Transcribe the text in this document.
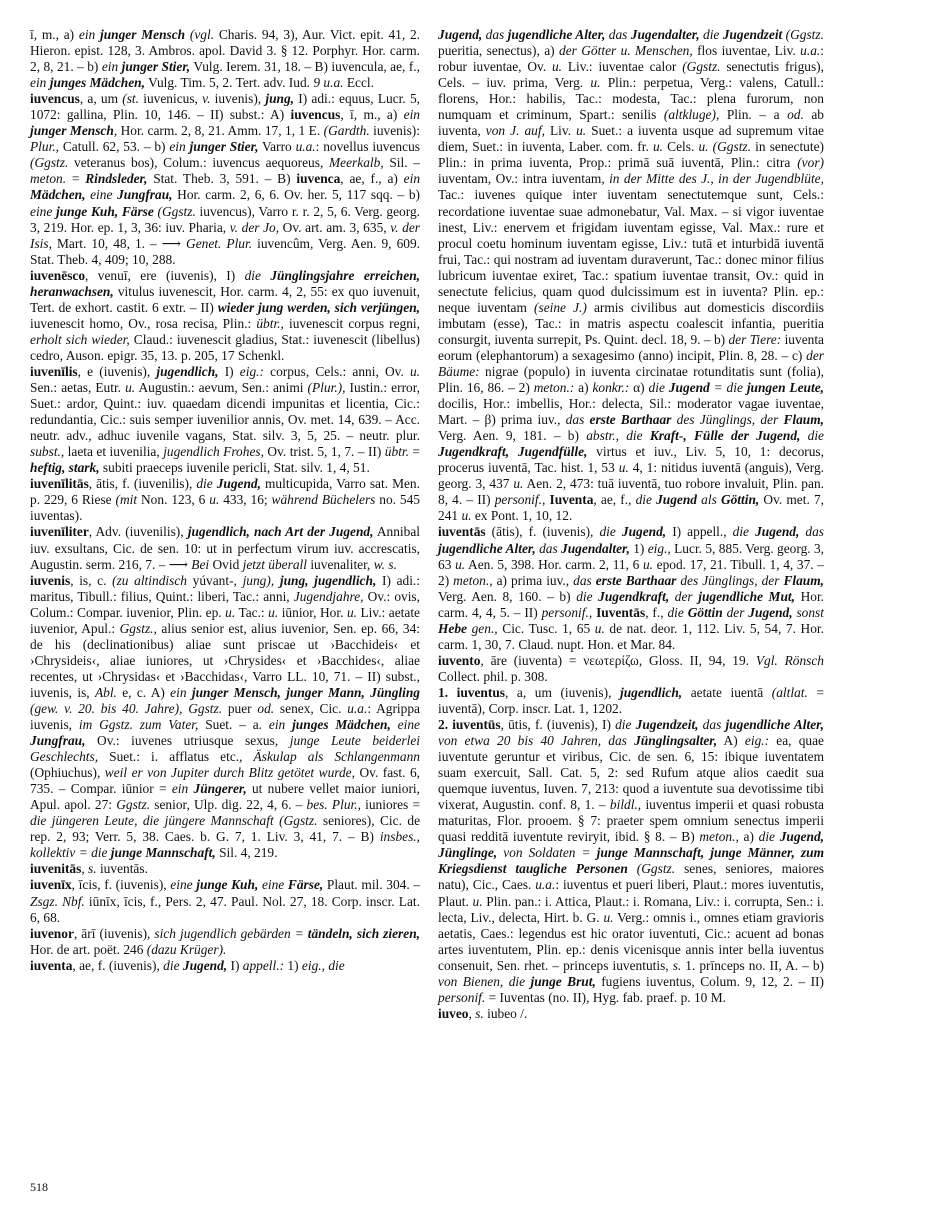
ī, m., a) ein junger Mensch (vgl. Charis. 94, 3), Aur. Vict. epit. 41, 2. Hieron. epist. 128, 3. Ambros. apol. David 3. § 12. Porphyr. Hor. carm. 2, 8, 21. – b) ein junger Stier, Vulg. Ierem. 31, 18. – B) iuvencula, ae, f., ein junges Mädchen, Vulg. Tim. 5, 2. Tert. adv. Iud. 9 u.a. Eccl.

iuvencus, a, um (st. iuvenicus, v. iuvenis), jung, I) adi.: equus, Lucr. 5, 1072: gallina, Plin. 10, 146. – II) subst.: A) iuvencus, ī, m., a) ein junger Mensch, Hor. carm. 2, 8, 21. Amm. 17, 1, 1 E. (Gardth. iuvenis): Plur., Catull. 62, 53. – b) ein junger Stier, Varro u.a.: novellus iuvencus (Ggstz. veteranus bos), Colum.: iuvencus aequoreus, Meerkalb, Sil. – meton. = Rindsleder, Stat. Theb. 3, 591. – B) iuvenca, ae, f., a) ein Mädchen, eine Jungfrau, Hor. carm. 2, 6, 6. Ov. her. 5, 117 sqq. – b) eine junge Kuh, Färse (Ggstz. iuvencus), Varro r. r. 2, 5, 6. Verg. georg. 3, 219. Hor. ep. 1, 3, 36: iuv. Pharia, v. der Jo, Ov. art. am. 3, 635, v. der Isis, Mart. 10, 48, 1. – ⟶ Genet. Plur. iuvencûm, Verg. Aen. 9, 609. Stat. Theb. 4, 409; 10, 288.

iuvenēsco, venuī, ere (iuvenis), I) die Jünglingsjahre erreichen, heranwachsen, vitulus iuvenescit, Hor. carm. 4, 2, 55: ex quo iuvenuit, Tert. de exhort. castit. 6 extr. – II) wieder jung werden, sich verjüngen, iuvenescit homo, Ov., rosa recisa, Plin.: übtr., iuvenescit corpus regni, erholt sich wieder, Claud.: iuvenescit gladius, Stat.: iuvenescit (libellus) cedro, Auson. epigr. 35, 13. p. 205, 17 Schenkl.

iuvenīlis, e (iuvenis), jugendlich, I) eig.: corpus, Cels.: anni, Ov. u. Sen.: aetas, Eutr. u. Augustin.: aevum, Sen.: animi (Plur.), Iustin.: error, Suet.: ardor, Quint.: iuv. quaedam dicendi impunitas et licentia, Cic.: redundantia, Cic.: suis semper iuvenilior annis, Ov. met. 14, 639. – Acc. neutr. adv., adhuc iuvenile vagans, Stat. silv. 3, 5, 25. – neutr. plur. subst., laeta et iuvenilia, jugendlich Frohes, Ov. trist. 5, 1, 7. – II) übtr. = heftig, stark, subiti praeceps iuvenile pericli, Stat. silv. 1, 4, 51.

iuvenīlitās, ātis, f. (iuvenilis), die Jugend, multicupida, Varro sat. Men. p. 229, 6 Riese (mit Non. 123, 6 u. 433, 16; während Büchelers no. 545 iuventas).

iuvenīliter, Adv. (iuvenilis), jugendlich, nach Art der Jugend, Annibal iuv. exsultans, Cic. de sen. 10: ut in perfectum virum iuv. accrescatis, Augustin. serm. 216, 7. – ⟶ Bei Ovid jetzt überall iuvenaliter, w. s.

iuvenis, is, c. (zu altindisch yúvant-, jung), jung, jugendlich, I) adi.: maritus, Tibull.: filius, Quint.: liberi, Tac.: anni, Jugendjahre, Ov.: ovis, Colum.: Compar. iuvenior, Plin. ep. u. Tac.: u. iūnior, Hor. u. Liv.: aetate iuvenior, Apul.: Ggstz., alius senior est, alius iuvenior, Sen. ep. 66, 34: de his (declinationibus) aliae sunt priscae ut ›Bacchideis‹ et ›Chrysideis‹, aliae iuniores, ut ›Chrysides‹ et ›Bacchides‹, aliae recentes, ut ›Chrysidas‹ et ›Bacchidas‹, Varro LL. 10, 71. – II) subst., iuvenis, is, Abl. e, c. A) ein junger Mensch, junger Mann, Jüngling (gew. v. 20. bis 40. Jahre), Ggstz. puer od. senex, Cic. u.a.: Agrippa iuvenis, im Ggstz. zum Vater, Suet. – a. ein junges Mädchen, eine Jungfrau, Ov.: iuvenes utriusque sexus, junge Leute beiderlei Geschlechts, Suet.: i. afflatus etc., Äskulap als Schlangenmann (Ophiuchus), weil er von Jupiter durch Blitz getötet wurde, Ov. fast. 6, 735. – Compar. iūnior = ein Jüngerer, ut nubere vellet maior iuniori, Apul. apol. 27: Ggstz. senior, Ulp. dig. 22, 4, 6. – bes. Plur., iuniores = die jüngeren Leute, die jüngere Mannschaft (Ggstz. seniores), Cic. de rep. 2, 93; Verr. 5, 38. Caes. b. G. 7, 1. Liv. 3, 41, 7. – B) insbes., kollektiv = die junge Mannschaft, Sil. 4, 219.

iuvenitās, s. iuventās.

iuvenīx, īcis, f. (iuvenis), eine junge Kuh, eine Färse, Plaut. mil. 304. – Zsgz. Nbf. iūnīx, īcis, f., Pers. 2, 47. Paul. Nol. 27, 18. Corp. inscr. Lat. 6, 68.

iuvenor, ārī (iuvenis), sich jugendlich gebärden = tändeln, sich zieren, Hor. de art. poët. 246 (dazu Krüger).

iuventa, ae, f. (iuvenis), die Jugend, I) appell.: 1) eig., die

Jugend, das jugendliche Alter, das Jugendalter, die Jugendzeit (Ggstz. pueritia, senectus), a) der Götter u. Menschen, flos iuventae, Liv. u.a.: robur iuventae, Ov. u. Liv.: iuventae calor (Ggstz. senectutis frigus), Cels. – iuv. prima, Verg. u. Plin.: perpetua, Verg.: valens, Catull.: florens, Hor.: habilis, Tac.: modesta, Tac.: plena furorum, non numquam et criminum, Spart.: senilis (altkluge), Plin. – a od. ab iuventa, von J. auf, Liv. u. Suet.: a iuventa usque ad supremum vitae diem, Suet.: in iuventa, Laber. com. fr. u. Cels. u. (Ggstz. in senectute) Plin.: in prima iuventa, Prop.: primā suā iuventā, Plin.: citra (vor) iuventam, Ov.: intra iuventam, in der Mitte des J., in der Jugendblüte, Tac.: iuvenes quique inter iuventam senectutemque sunt, Cels.: recordatione iuventae suae admonebatur, Val. Max. – si vigor iuventae inest, Liv.: enervem et frigidam iuventam egisse, Val. Max.: rure et procul coetu hominum iuventam egisse, Liv.: tutā et inturbidā iuventā frui, Tac.: qui nostram ad iuventam duraverunt, Tac.: donec minor filius lubricum iuventae exiret, Tac.: spatium iuventae transit, Ov.: quid in senectute felicius, quam quod dulcissimum est in iuventa? Plin. ep.: neque iuventam (seine J.) armis civilibus aut domesticis discordiis imbutam (esse), Tac.: in matris aspectu coalescit infantia, pueritia consurgit, iuventa surrepit, Ps. Quint. decl. 18, 9. – b) der Tiere: iuventa eorum (elephantorum) a sexagesimo (anno) incipit, Plin. 8, 28. – c) der Bäume: nigrae (populo) in iuventa circinatae rotunditatis sunt (folia), Plin. 16, 86. – 2) meton.: a) konkr.: α) die Jugend = die jungen Leute, docilis, Hor.: imbellis, Hor.: delecta, Sil.: moderator vagae iuventae, Mart. – β) prima iuv., das erste Barthaar des Jünglings, der Flaum, Verg. Aen. 9, 181. – b) abstr., die Kraft-, Fülle der Jugend, die Jugendkraft, Jugendfülle, virtus et iuv., Liv. 5, 10, 1: decorus, procerus iuventā, Tac. hist. 1, 53 u. 4, 1: nitidus iuventā (anguis), Verg. georg. 3, 437 u. Aen. 2, 473: tuā iuventā, tuo robore invaluit, Plin. pan. 8, 4. – II) personif., Iuventa, ae, f., die Jugend als Göttin, Ov. met. 7, 241 u. ex Pont. 1, 10, 12.

iuventās (ātis), f. (iuvenis), die Jugend, I) appell., die Jugend, das jugendliche Alter, das Jugendalter, 1) eig., Lucr. 5, 885. Verg. georg. 3, 63 u. Aen. 5, 398. Hor. carm. 2, 11, 6 u. epod. 17, 21. Tibull. 1, 4, 37. – 2) meton., a) prima iuv., das erste Barthaar des Jünglings, der Flaum, Verg. Aen. 8, 160. – b) die Jugendkraft, der jugendliche Mut, Hor. carm. 4, 4, 5. – II) personif., Iuventās, f., die Göttin der Jugend, sonst Hebe gen., Cic. Tusc. 1, 65 u. de nat. deor. 1, 112. Liv. 5, 54, 7. Hor. carm. 1, 30, 7. Claud. nupt. Hon. et Mar. 84.

iuvento, āre (iuventa) = νεωτερίζω, Gloss. II, 94, 19. Vgl. Rönsch Collect. phil. p. 308.

1. iuventus, a, um (iuvenis), jugendlich, aetate iuentā (altlat. = iuventā), Corp. inscr. Lat. 1, 1202.

2. iuventūs, ūtis, f. (iuvenis), I) die Jugendzeit, das jugendliche Alter, von etwa 20 bis 40 Jahren, das Jünglingsalter, A) eig.: ea, quae iuventute geruntur et viribus, Cic. de sen. 6, 15: ibique iuventatem suam exercuit, Sall. Cat. 5, 2: sed Rufum atque alios caedit sua quemque iuventus, Iuven. 7, 213: quod a iuventute sua devotissime tibi vixerat, Augustin. conf. 8, 1. – bildl., iuventus imperii et quasi robusta maturitas, Flor. prooem. § 7: praeter spem omnium senectus imperii quasi redditā iuventute revirуit, ibid. § 8. – B) meton., a) die Jugend, Jünglinge, von Soldaten = junge Mannschaft, junge Männer, zum Kriegsdienst taugliche Personen (Ggstz. senes, seniores, maiores natu), Cic., Caes. u.a.: iuventus et pueri liberi, Plaut.: mores iuventutis, Plaut. u. Plin. pan.: i. Attica, Plaut.: i. Romana, Liv.: i. corrupta, Sen.: i. lecta, Liv., delecta, Hirt. b. G. u. Verg.: omnis i., omnes etiam graviоris aetatis, Caes.: legendus est hic orator iuventuti, Cic.: acuent ad bonas artes iuventutem, Plin. ep.: denis vicenisque annis inter bella iuventus consenuit, Sen. rhet. – princeps iuventutis, s. 1. prīnceps no. II, A. – b) von Bienen, die junge Brut, fugiens iuventus, Colum. 9, 12, 2. – II) personif. = Iuventas (no. II), Hyg. fab. praef. p. 10 M.

iuveo, s. iubeo /.

518
